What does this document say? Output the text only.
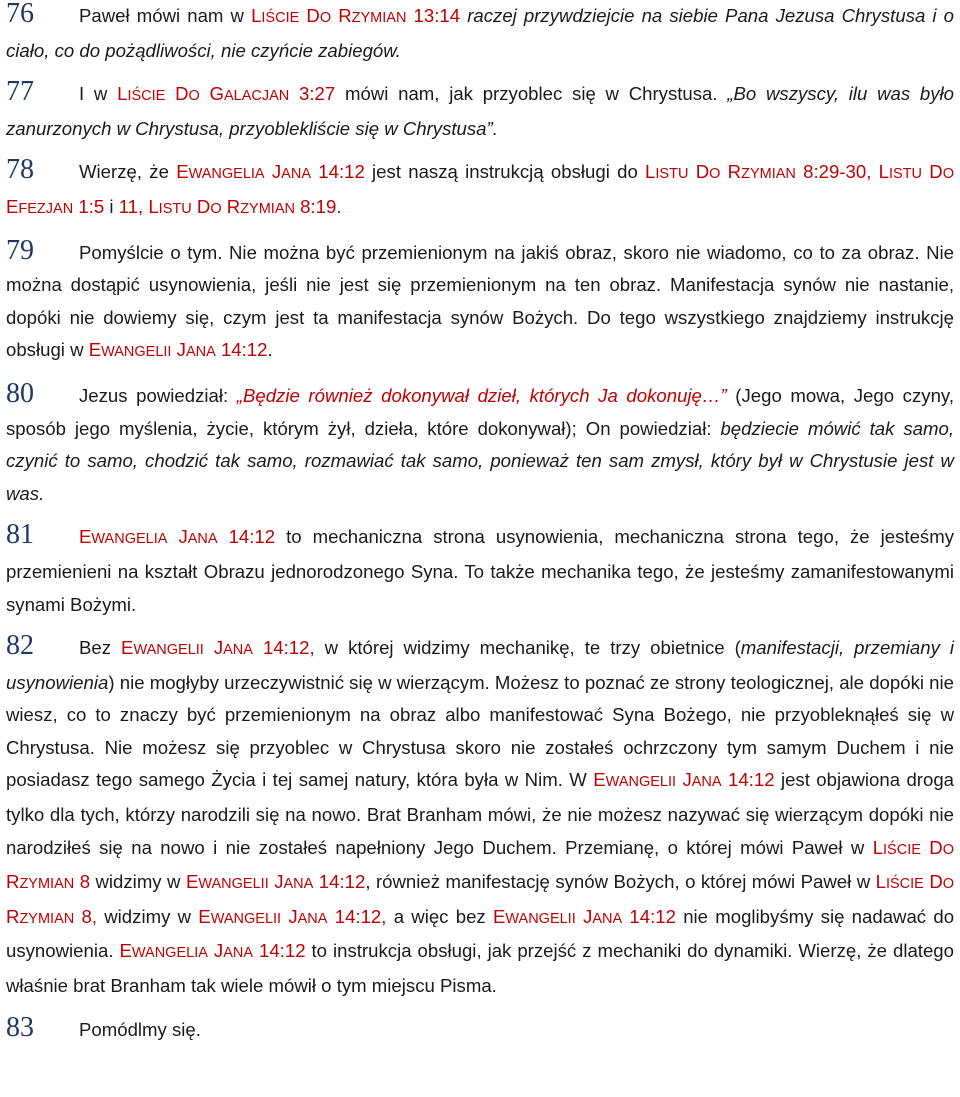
76 Paweł mówi nam w LIŚCIE DO RZYMIAN 13:14 raczej przywdziejcie na siebie Pana Jezusa Chrystusa i o ciało, co do pożądliwości, nie czyńcie zabiegów.

77 I w LIŚCIE DO GALACJAN 3:27 mówi nam, jak przyoblec się w Chrystusa. „Bo wszyscy, ilu was było zanurzonych w Chrystusa, przyoblekliście się w Chrystusa”.

78 Wierzę, że EWANGELIA JANA 14:12 jest naszą instrukcją obsługi do LISTU DO RZYMIAN 8:29-30, LISTU DO EFEZJAN 1:5 i 11, LISTU DO RZYMIAN 8:19.

79 Pomyślcie o tym. Nie można być przemienionym na jakiś obraz, skoro nie wiadomo, co to za obraz. Nie można dostąpić usynowienia, jeśli nie jest się przemienionym na ten obraz. Manifestacja synów nie nastanie, dopóki nie dowiemy się, czym jest ta manifestacja synów Bożych. Do tego wszystkiego znajdziemy instrukcję obsługi w EWANGELII JANA 14:12.

80 Jezus powiedział: „Będzie również dokonywał dzieł, których Ja dokonuję…” (Jego mowa, Jego czyny, sposób jego myślenia, życie, którym żył, dzieła, które dokonywał); On powiedział: będziecie mówić tak samo, czynić to samo, chodzić tak samo, rozmawiać tak samo, ponieważ ten sam zmysł, który był w Chrystusie jest w was.

81 EWANGELIA JANA 14:12 to mechaniczna strona usynowienia, mechaniczna strona tego, że jesteśmy przemienieni na kształt Obrazu jednorodzonego Syna. To także mechanika tego, że jesteśmy zamanifestowanymi synami Bożymi.

82 Bez EWANGELII JANA 14:12, w której widzimy mechanikę, te trzy obietnice (manifestacji, przemiany i usynowienia) nie mogłyby urzeczywistnić się w wierzącym. Możesz to poznać ze strony teologicznej, ale dopóki nie wiesz, co to znaczy być przemienionym na obraz albo manifestować Syna Bożego, nie przyobleknąłeś się w Chrystusa. Nie możesz się przyoblec w Chrystusa skoro nie zostałeś ochrzczony tym samym Duchem i nie posiadasz tego samego Życia i tej samej natury, która była w Nim. W EWANGELII JANA 14:12 jest objawiona droga tylko dla tych, którzy narodzili się na nowo. Brat Branham mówi, że nie możesz nazywać się wierzącym dopóki nie narodziłeś się na nowo i nie zostałeś napełniony Jego Duchem. Przemianę, o której mówi Paweł w LIŚCIE DO RZYMIAN 8 widzimy w EWANGELII JANA 14:12, również manifestację synów Bożych, o której mówi Paweł w LIŚCIE DO RZYMIAN 8, widzimy w EWANGELII JANA 14:12, a więc bez EWANGELII JANA 14:12 nie moglibyśmy się nadawać do usynowienia. EWANGELIA JANA 14:12 to instrukcja obsługi, jak przejść z mechaniki do dynamiki. Wierzę, że dlatego właśnie brat Branham tak wiele mówił o tym miejscu Pisma.

83 Pomódlmy się.
